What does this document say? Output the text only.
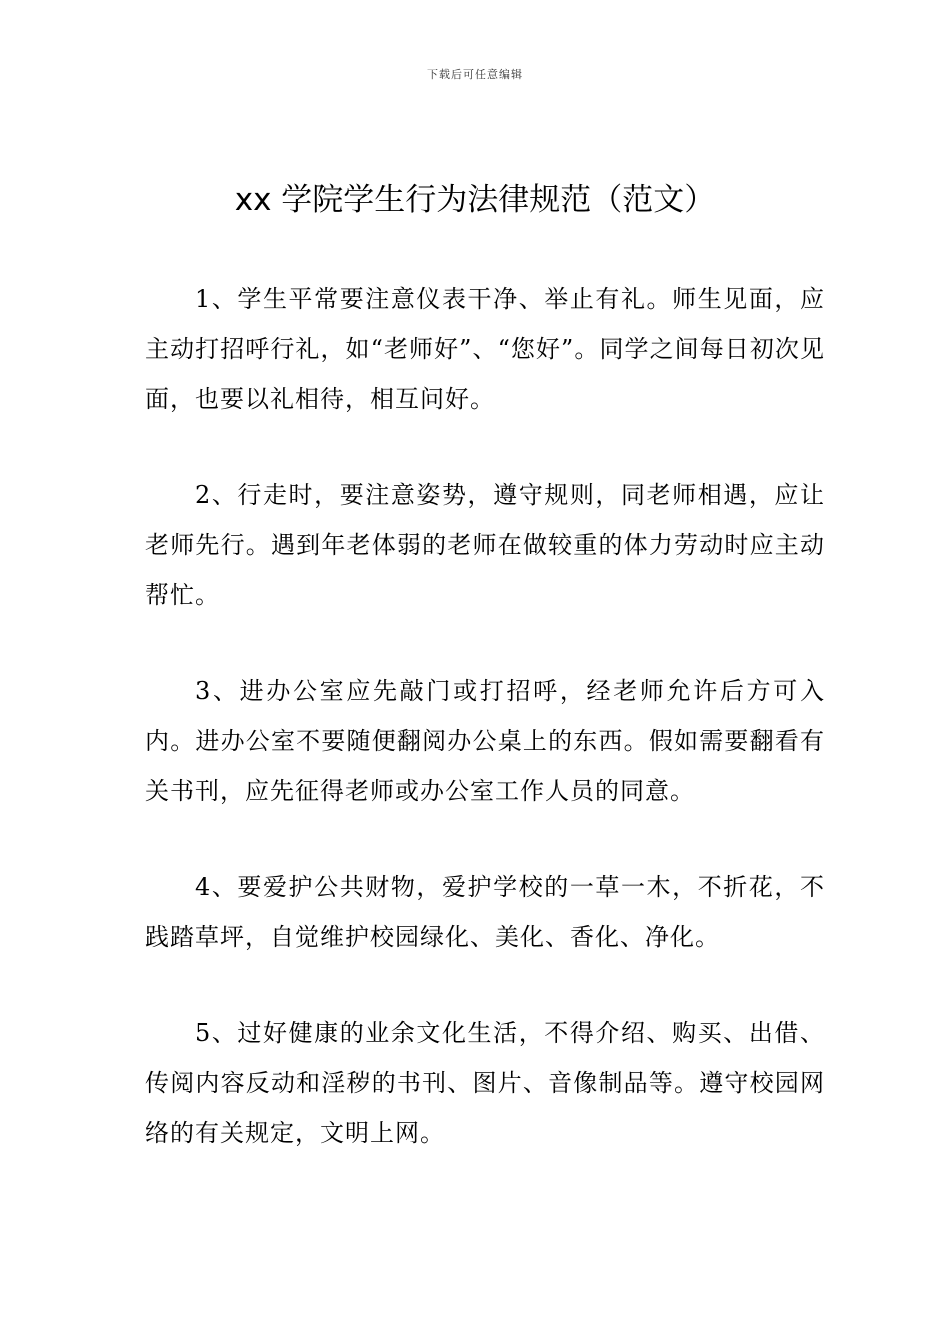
下载后可任意编辑
xx 学院学生行为法律规范（范文）

1、学生平常要注意仪表干净、举止有礼。师生见面，应主动打招呼行礼，如“老师好”、“您好”。同学之间每日初次见面，也要以礼相待，相互问好。

2、行走时，要注意姿势，遵守规则，同老师相遇，应让老师先行。遇到年老体弱的老师在做较重的体力劳动时应主动帮忙。

3、进办公室应先敲门或打招呼，经老师允许后方可入内。进办公室不要随便翻阅办公桌上的东西。假如需要翻看有关书刊，应先征得老师或办公室工作人员的同意。

4、要爱护公共财物，爱护学校的一草一木，不折花，不践踏草坪，自觉维护校园绿化、美化、香化、净化。

5、过好健康的业余文化生活，不得介绍、购买、出借、传阅内容反动和淫秽的书刊、图片、音像制品等。遵守校园网络的有关规定，文明上网。
